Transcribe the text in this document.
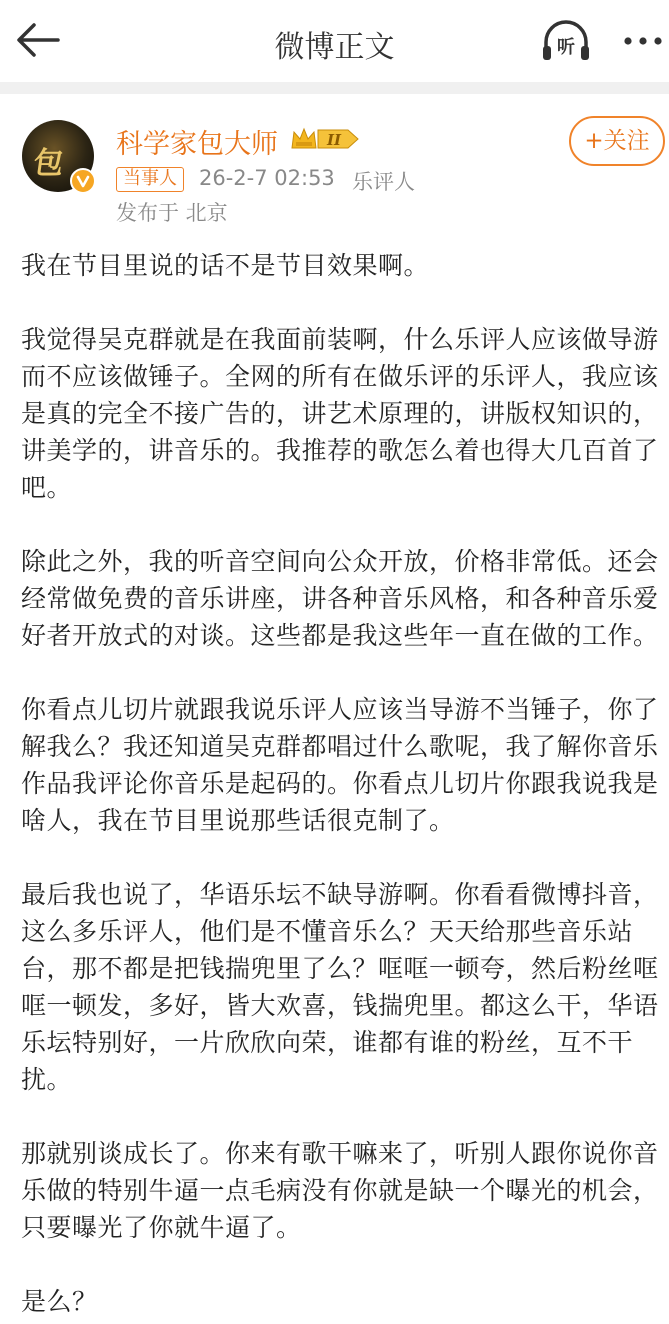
微博正文	听
包
科学家包大师	II	+关注
当事人	26-2-7 02:53 乐评人
发布于 北京

我在节目里说的话不是节目效果啊。

我觉得吴克群就是在我面前装啊，什么乐评人应该做导游而不应该做锤子。全网的所有在做乐评的乐评人，我应该是真的完全不接广告的，讲艺术原理的，讲版权知识的，讲美学的，讲音乐的。我推荐的歌怎么着也得大几百首了吧。

除此之外，我的听音空间向公众开放，价格非常低。还会经常做免费的音乐讲座，讲各种音乐风格，和各种音乐爱好者开放式的对谈。这些都是我这些年一直在做的工作。

你看点儿切片就跟我说乐评人应该当导游不当锤子，你了解我么？我还知道吴克群都唱过什么歌呢，我了解你音乐作品我评论你音乐是起码的。你看点儿切片你跟我说我是啥人，我在节目里说那些话很克制了。

最后我也说了，华语乐坛不缺导游啊。你看看微博抖音，这么多乐评人，他们是不懂音乐么？天天给那些音乐站台，那不都是把钱揣兜里了么？哐哐一顿夸，然后粉丝哐哐一顿发，多好，皆大欢喜，钱揣兜里。都这么干，华语乐坛特别好，一片欣欣向荣，谁都有谁的粉丝，互不干扰。

那就别谈成长了。你来有歌干嘛来了，听别人跟你说你音乐做的特别牛逼一点毛病没有你就是缺一个曝光的机会，只要曝光了你就牛逼了。

是么？
